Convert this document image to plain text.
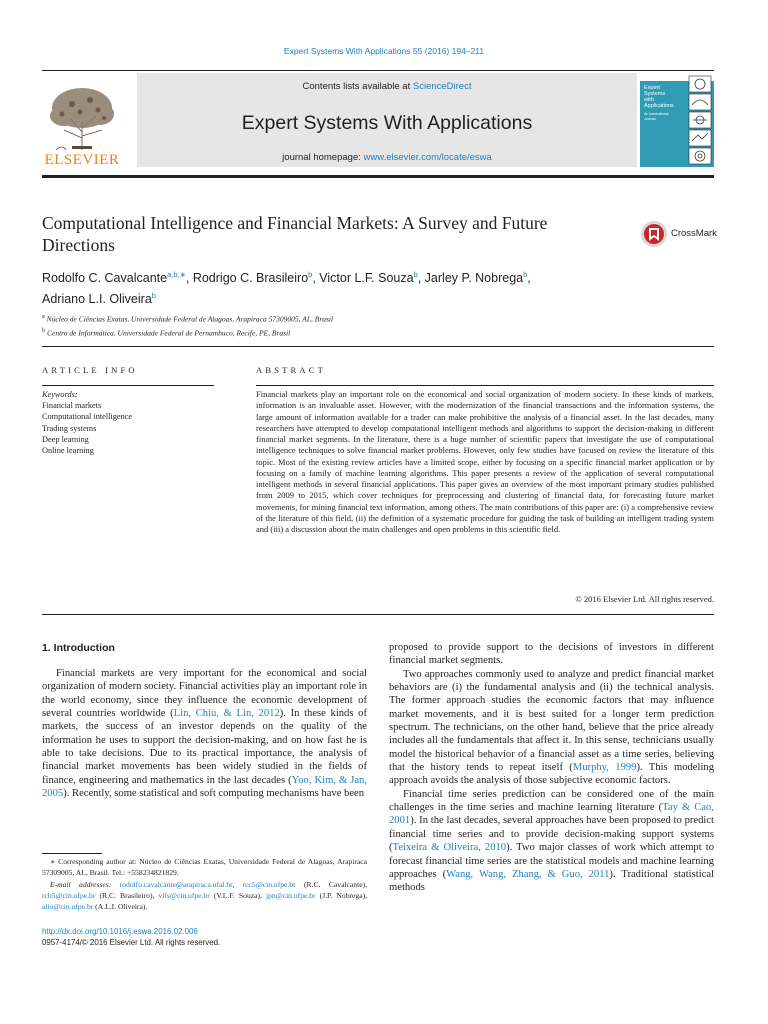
Expert Systems With Applications 55 (2016) 194–211
ELSEVIER
Contents lists available at ScienceDirect
Expert Systems With Applications
journal homepage: www.elsevier.com/locate/eswa
Expert
Systems
with
Applications
An International Journal
Computational Intelligence and Financial Markets: A Survey and Future Directions
CrossMark
Rodolfo C. Cavalcante$^{a,b,∗}$, Rodrigo C. Brasileiro$^b$, Victor L.F. Souza$^b$, Jarley P. Nobrega$^b$,
Adriano L.I. Oliveira$^b$
$^a$ Núcleo de Ciências Exatas, Universidade Federal de Alagoas, Arapiraca 57309005, AL, Brasil
$^b$ Centro de Informática, Universidade Federal de Pernambuco, Recife, PE, Brasil
ARTICLE INFO	ABSTRACT
Keywords:
Financial markets
Computational intelligence
Trading systems
Deep learning
Online learning
Financial markets play an important role on the economical and social organization of modern society. In these kinds of markets, information is an invaluable asset. However, with the modernization of the financial transactions and the information systems, the large amount of information available for a trader can make prohibitive the analysis of a financial asset. In the last decades, many researchers have attempted to develop computational intelligent methods and algorithms to support the decision-making in different financial market segments. In the literature, there is a huge number of scientific papers that investigate the use of computational intelligence techniques to solve financial market problems. However, only few studies have focused on review the literature of this topic. Most of the existing review articles have a limited scope, either by focusing on a specific financial market application or by focusing on a family of machine learning algorithms. This paper presents a review of the application of several computational intelligent methods in several financial applications. This paper gives an overview of the most important primary studies published from 2009 to 2015, which cover techniques for preprocessing and clustering of financial data, for forecasting future market movements, for mining financial text information, among others. The main contributions of this paper are: (i) a comprehensive review of the literature of this field, (ii) the definition of a systematic procedure for guiding the task of building an intelligent trading system and (iii) a discussion about the main challenges and open problems in this scientific field.
© 2016 Elsevier Ltd. All rights reserved.
1. Introduction

Financial markets are very important for the economical and social organization of modern society. Financial activities play an important role in the world economy, since they influence the economic development of several countries worldwide (Lin, Chiu, & Lin, 2012). In these kinds of markets, the success of an investor depends on the quality of the information he uses to support the decision-making, and on how fast he is able to take decisions. Due to its practical importance, the analysis of financial market movements has been widely studied in the fields of finance, engineering and mathematics in the last decades (Yoo, Kim, & Jan, 2005). Recently, some statistical and soft computing mechanisms have been

proposed to provide support to the decisions of investors in different financial market segments.

Two approaches commonly used to analyze and predict financial market behaviors are (i) the fundamental analysis and (ii) the technical analysis. The former approach studies the economic factors that may influence market movements, and it is best suited for a longer term prediction spectrum. The technicians, on the other hand, believe that the price already includes all the fundamentals that affect it. In this sense, technicians usually model the historical behavior of a financial asset as a time series, believing that the history tends to repeat itself (Murphy, 1999). This modeling approach avoids the analysis of those subjective economic factors.

Financial time series prediction can be considered one of the main challenges in the time series and machine learning literature (Tay & Cao, 2001). In the last decades, several approaches have been proposed to predict financial time series and to provide decision-making support systems (Teixeira & Oliveira, 2010). Two major classes of work which attempt to forecast financial time series are the statistical models and machine learning approaches (Wang, Wang, Zhang, & Guo, 2011). Traditional statistical methods

∗ Corresponding author at: Núcleo de Ciências Exatas, Universidade Federal de Alagoas, Arapiraca 57309005, AL, Brasil. Tel.: +558234821829.
E-mail addresses: rodolfo.cavalcante@arapiraca.ufal.br, rcc5@cin.ufpe.br (R.C. Cavalcante), rcb5@cin.ufpe.br (R.C. Brasileiro), vlfs@cin.ufpe.br (V.L.F. Souza), jpn@cin.ufpe.br (J.P. Nobrega), alio@cin.ufpe.br (A.L.I. Oliveira).
http://dx.doi.org/10.1016/j.eswa.2016.02.006
0957-4174/© 2016 Elsevier Ltd. All rights reserved.
